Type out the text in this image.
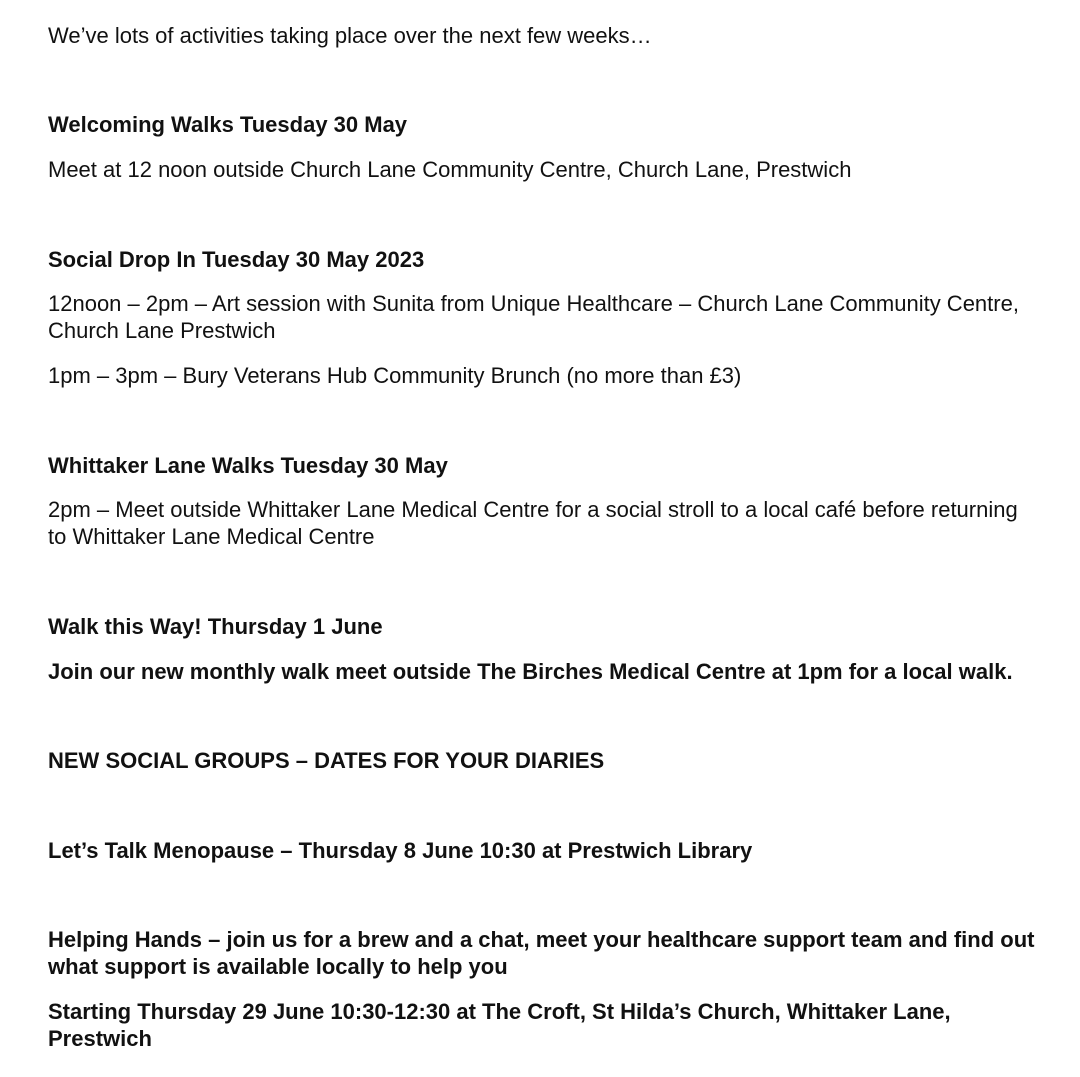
We’ve lots of activities taking place over the next few weeks…
Welcoming Walks Tuesday 30 May
Meet at 12 noon outside Church Lane Community Centre, Church Lane, Prestwich
Social Drop In Tuesday 30 May 2023
12noon – 2pm – Art session with Sunita from Unique Healthcare – Church Lane Community Centre, Church Lane Prestwich
1pm – 3pm – Bury Veterans Hub Community Brunch (no more than £3)
Whittaker Lane Walks Tuesday 30 May
2pm – Meet outside Whittaker Lane Medical Centre for a social stroll to a local café before returning to Whittaker Lane Medical Centre
Walk this Way! Thursday 1 June
Join our new monthly walk meet outside The Birches Medical Centre at 1pm for a local walk.
NEW SOCIAL GROUPS – DATES FOR YOUR DIARIES
Let’s Talk Menopause – Thursday 8 June 10:30 at Prestwich Library
Helping Hands – join us for a brew and a chat, meet your healthcare support team and find out what support is available locally to help you
Starting Thursday 29 June 10:30-12:30 at The Croft, St Hilda’s Church, Whittaker Lane, Prestwich
